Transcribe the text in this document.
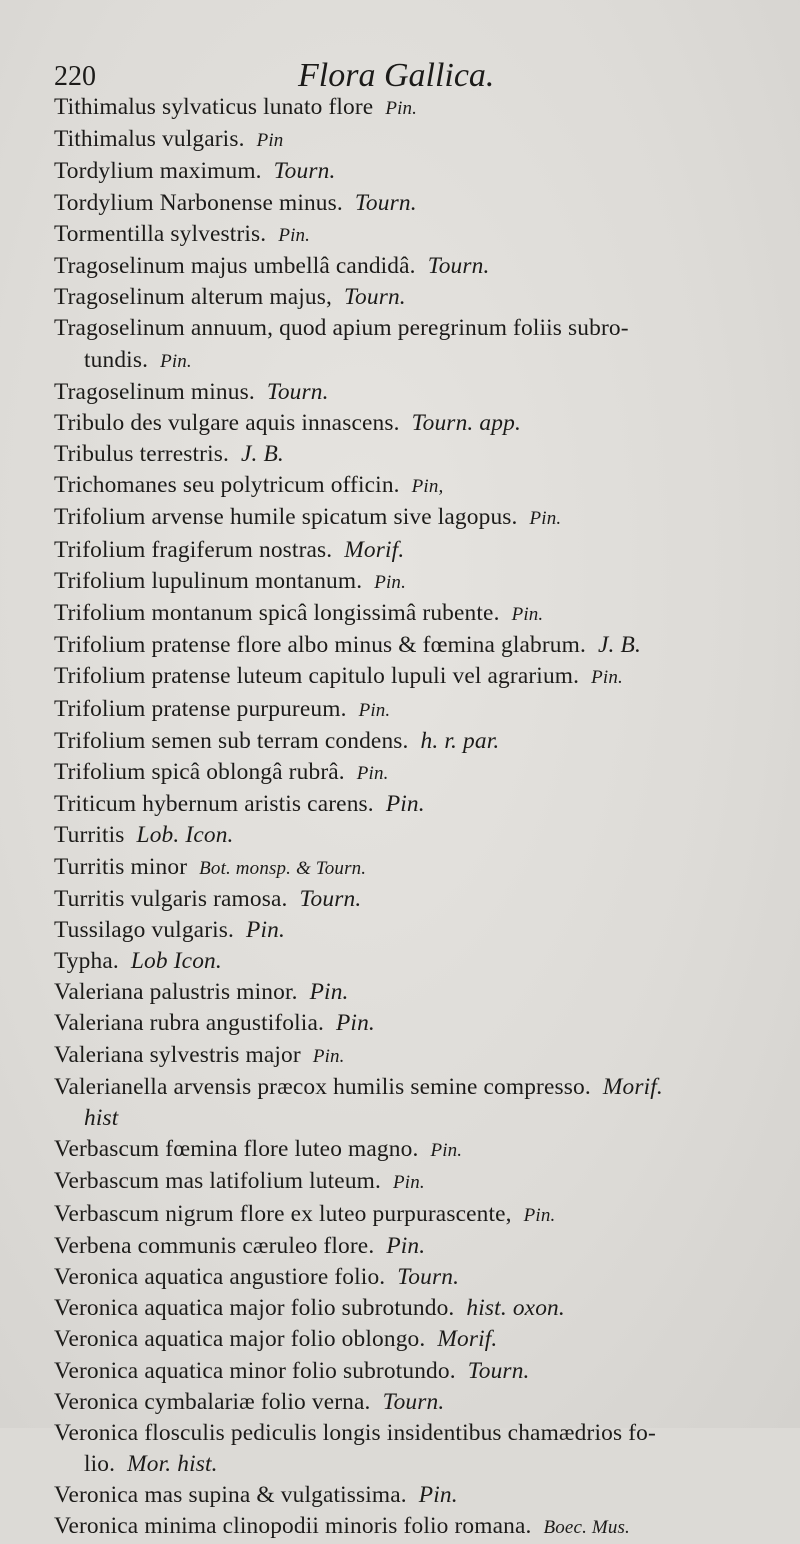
220	Flora Gallica.
Tithimalus sylvaticus lunato flore Pin.
Tithimalus vulgaris. Pin
Tordylium maximum. Tourn.
Tordylium Narbonense minus. Tourn.
Tormentilla sylvestris. Pin.
Tragoselinum majus umbellâ candidâ. Tourn.
Tragoselinum alterum majus, Tourn.
Tragoselinum annuum, quod apium peregrinum foliis subro-
tundis. Pin.
Tragoselinum minus. Tourn.
Tribulo des vulgare aquis innascens. Tourn. app.
Tribulus terrestris. J. B.
Trichomanes seu polytricum officin. Pin,
Trifolium arvense humile spicatum sive lagopus. Pin.
Trifolium fragiferum nostras. Morif.
Trifolium lupulinum montanum. Pin.
Trifolium montanum spicâ longissimâ rubente. Pin.
Trifolium pratense flore albo minus & fœmina glabrum. J. B.
Trifolium pratense luteum capitulo lupuli vel agrarium. Pin.
Trifolium pratense purpureum. Pin.
Trifolium semen sub terram condens. h. r. par.
Trifolium spicâ oblongâ rubrâ. Pin.
Triticum hybernum aristis carens. Pin.
Turritis Lob. Icon.
Turritis minor Bot. monsp. & Tourn.
Turritis vulgaris ramosa. Tourn.
Tussilago vulgaris. Pin.
Typha. Lob Icon.
Valeriana palustris minor. Pin.
Valeriana rubra angustifolia. Pin.
Valeriana sylvestris major Pin.
Valerianella arvensis præcox humilis semine compresso. Morif.
hist
Verbascum fœmina flore luteo magno. Pin.
Verbascum mas latifolium luteum. Pin.
Verbascum nigrum flore ex luteo purpurascente, Pin.
Verbena communis cæruleo flore. Pin.
Veronica aquatica angustiore folio. Tourn.
Veronica aquatica major folio subrotundo. hist. oxon.
Veronica aquatica major folio oblongo. Morif.
Veronica aquatica minor folio subrotundo. Tourn.
Veronica cymbalariæ folio verna. Tourn.
Veronica flosculis pediculis longis insidentibus chamædrios fo-
lio. Mor. hist.
Veronica mas supina & vulgatissima. Pin.
Veronica minima clinopodii minoris folio romana. Boec. Mus.
